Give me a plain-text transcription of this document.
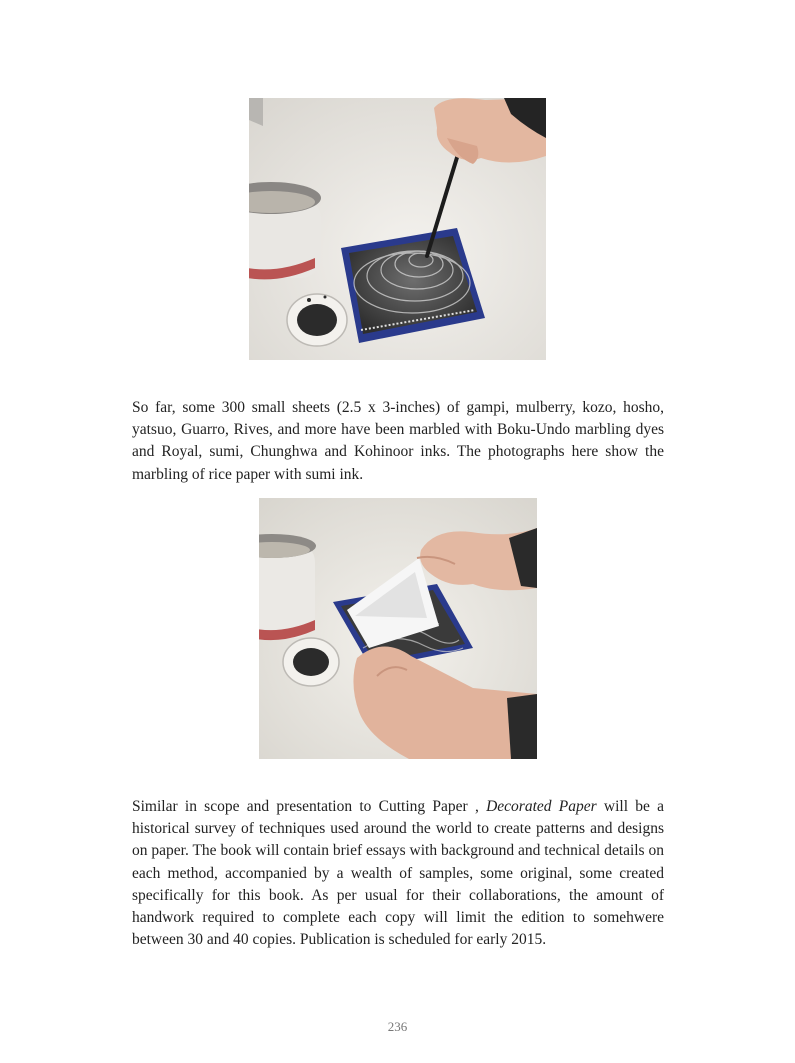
So far, some 300 small sheets (2.5 x 3-inches) of gampi, mulberry, kozo, hosho, yatsuo, Guarro, Rives, and more have been marbled with Boku-Undo marbling dyes and Royal, sumi, Chunghwa and Kohinoor inks. The photographs here show the marbling of rice paper with sumi ink.

Similar in scope and presentation to Cutting Paper , Decorated Paper will be a historical survey of techniques used around the world to create patterns and designs on paper. The book will contain brief essays with background and technical details on each method, accompanied by a wealth of samples, some original, some created specifically for this book. As per usual for their collaborations, the amount of handwork required to complete each copy will limit the edition to somehwere between 30 and 40 copies. Publication is scheduled for early 2015.

236
